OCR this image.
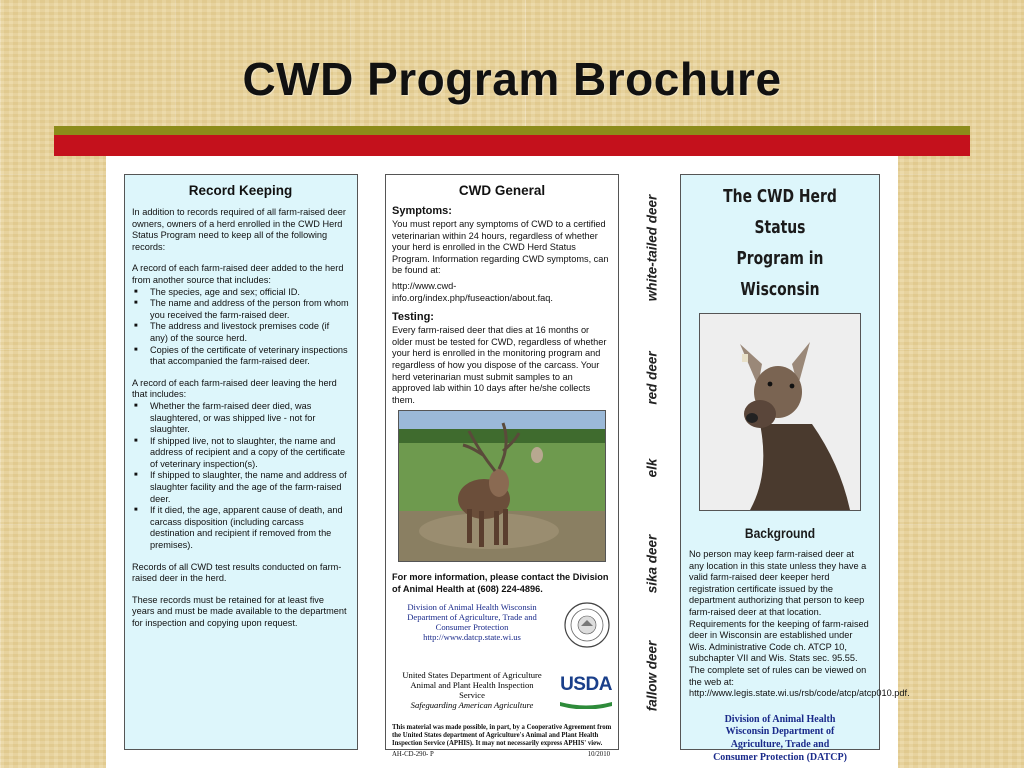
CWD Program Brochure
Record Keeping

In addition to records required of all farm-raised deer owners, owners of a herd enrolled in the CWD Herd Status Program need to keep all of the following records:

A record of each farm-raised deer added to the herd from another source that includes:

■ The species, age and sex; official ID.
■ The name and address of the person from whom you received the farm-raised deer.
■ The address and livestock premises code (if any) of the source herd.
■ Copies of the certificate of veterinary inspections that accompanied the farm-raised deer.

A record of each farm-raised deer leaving the herd that includes:

■ Whether the farm-raised deer died, was slaughtered, or was shipped live - not for slaughter.
■ If shipped live, not to slaughter, the name and address of recipient and a copy of the certificate of veterinary inspection(s).
■ If shipped to slaughter, the name and address of slaughter facility and the age of the farm-raised deer.
■ If it died, the age, apparent cause of death, and carcass disposition (including carcass destination and recipient if removed from the premises).

Records of all CWD test results conducted on farm-raised deer in the herd.

These records must be retained for at least five years and must be made available to the department for inspection and copying upon request.

CWD General
Symptoms:

You must report any symptoms of CWD to a certified veterinarian within 24 hours, regardless of whether your herd is enrolled in the CWD Herd Status Program. Information regarding CWD symptoms, can be found at:

http://www.cwd-info.org/index.php/fuseaction/about.faq.

Testing:

Every farm-raised deer that dies at 16 months or older must be tested for CWD, regardless of whether your herd is enrolled in the monitoring program and regardless of how you dispose of the carcass. Your herd veterinarian must submit samples to an approved lab within 10 days after he/she collects them.

For more information, please contact the Division of Animal Health at (608) 224-4896.

Division of Animal Health Wisconsin
Department of Agriculture, Trade and
Consumer Protection
http://www.datcp.state.wi.us
United States Department of Agriculture
Animal and Plant Health Inspection
Service
Safeguarding American Agriculture
USDA

This material was made possible, in part, by a Cooperative Agreement from the United States department of Agriculture's Animal and Plant Health Inspection Service (APHIS). It may not necessarily express APHIS' view.

AH-CD-290- P	10/2010
white-tailed deer
red deer
elk
sika deer
fallow deer
The CWD Herd Status
Program in Wisconsin
Background

No person may keep farm-raised deer at any location in this state unless they have a valid farm-raised deer keeper herd registration certificate issued by the department authorizing that person to keep farm-raised deer at that location. Requirements for the keeping of farm-raised deer in Wisconsin are established under Wis. Administrative Code ch. ATCP 10, subchapter VII and Wis. Stats sec. 95.55. The complete set of rules can be viewed on the web at:

http://www.legis.state.wi.us/rsb/code/atcp/atcp010.pdf.

Division of Animal Health
Wisconsin Department of
Agriculture, Trade and
Consumer Protection (DATCP)
